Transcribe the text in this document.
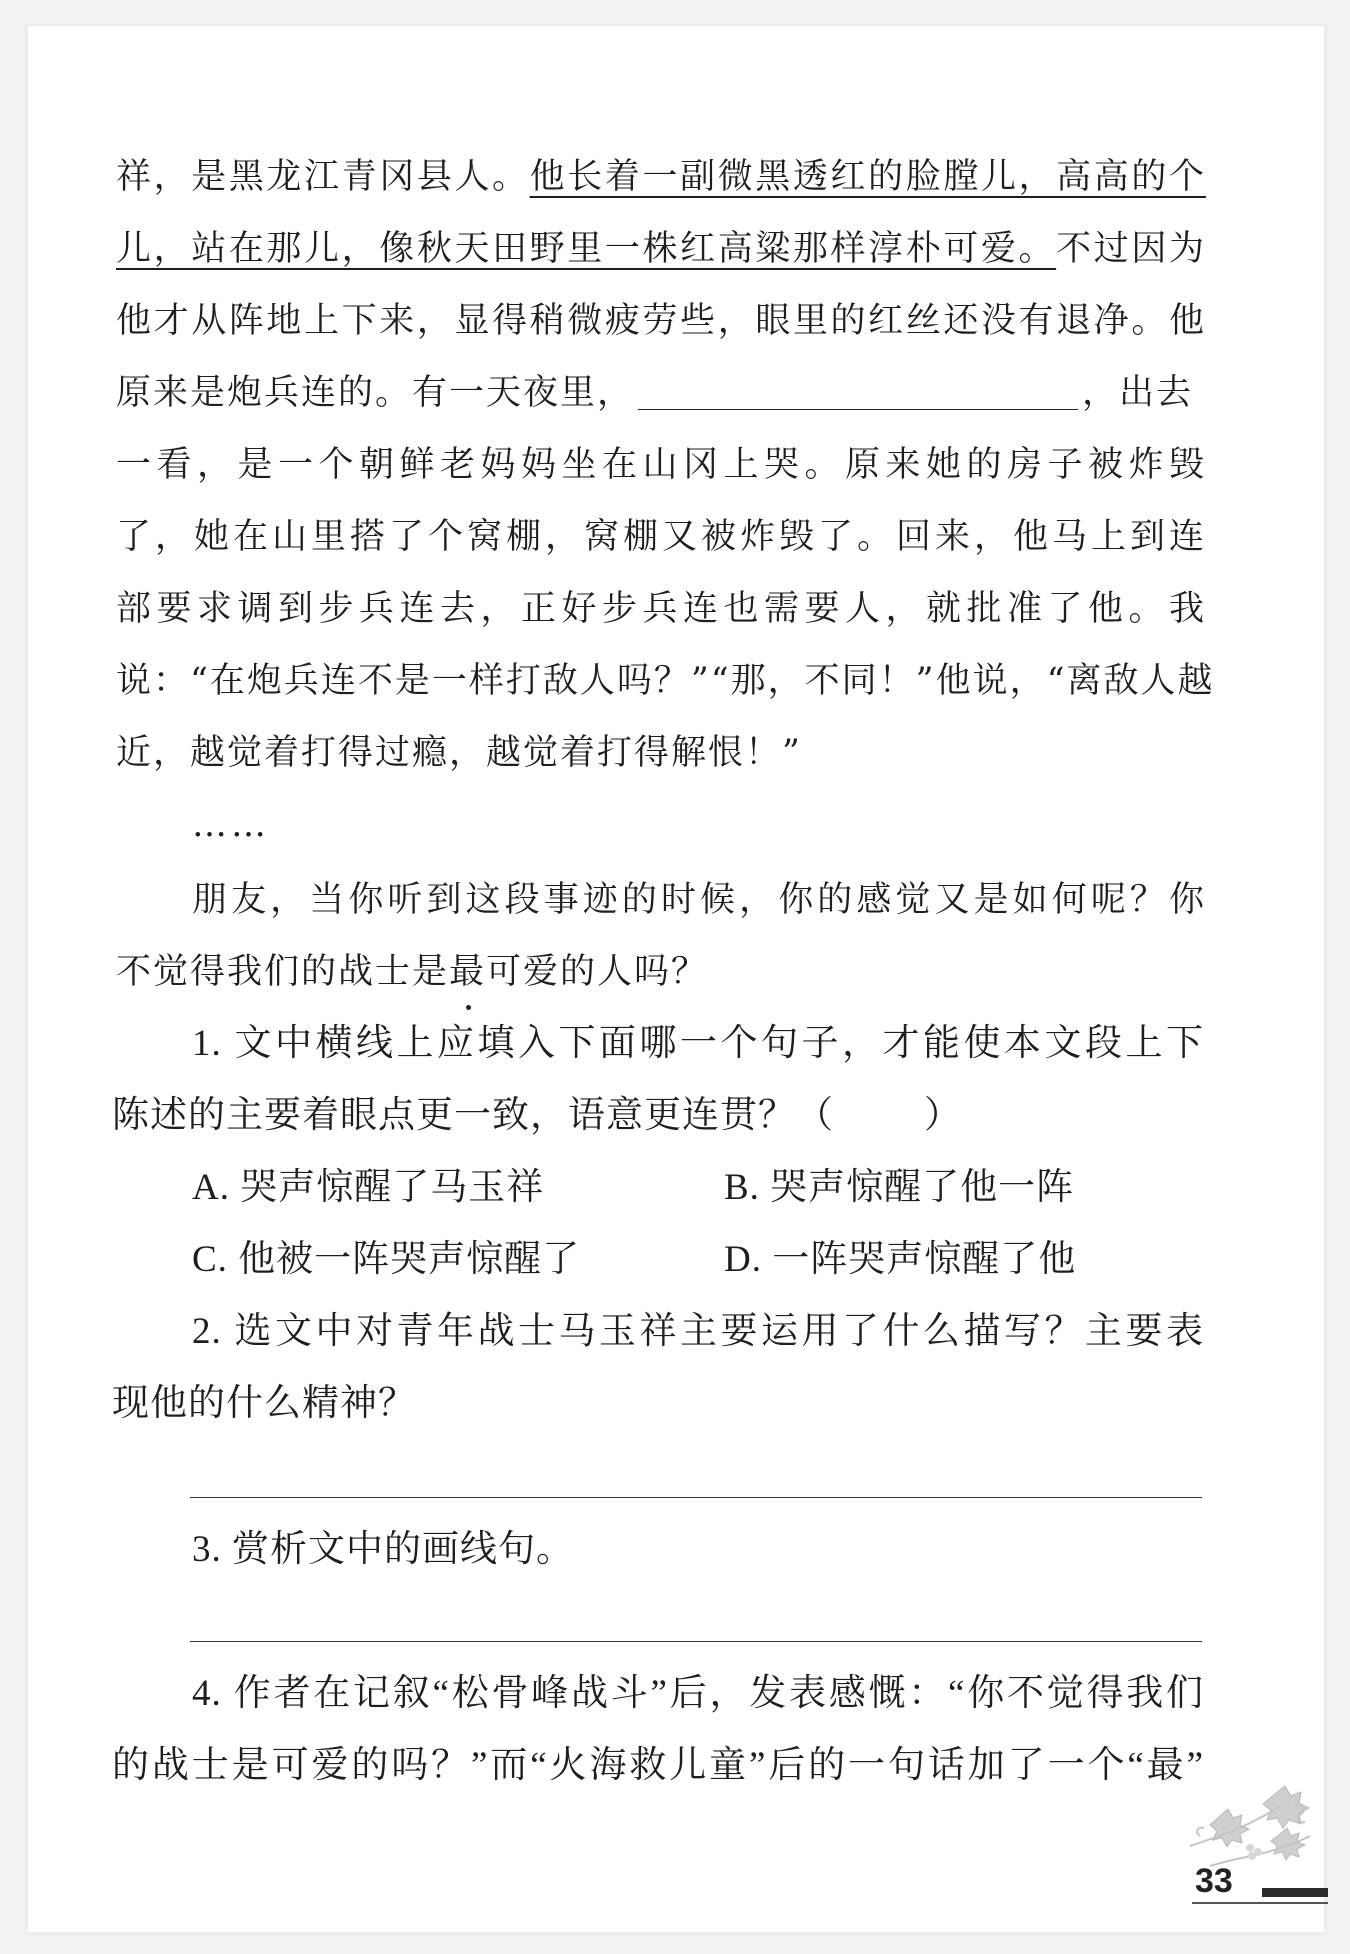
祥，是黑龙江青冈县人。他长着一副微黑透红的脸膛儿，高高的个
儿，站在那儿，像秋天田野里一株红高粱那样淳朴可爱。不过因为
他才从阵地上下来，显得稍微疲劳些，眼里的红丝还没有退净。他
原来是炮兵连的。有一天夜里，	，出去
一看，是一个朝鲜老妈妈坐在山冈上哭。原来她的房子被炸毁
了，她在山里搭了个窝棚，窝棚又被炸毁了。回来，他马上到连
部要求调到步兵连去，正好步兵连也需要人，就批准了他。我
说：“在炮兵连不是一样打敌人吗？”“那，不同！”他说，“离敌人越
近，越觉着打得过瘾，越觉着打得解恨！”
……
朋友，当你听到这段事迹的时候，你的感觉又是如何呢？你
不觉得我们的战士是最可爱的人吗？
1. 文中横线上应填入下面哪一个句子，才能使本文段上下
陈述的主要着眼点更一致，语意更连贯？（ ）
A. 哭声惊醒了马玉祥	B. 哭声惊醒了他一阵
C. 他被一阵哭声惊醒了	D. 一阵哭声惊醒了他
2. 选文中对青年战士马玉祥主要运用了什么描写？主要表
现他的什么精神？
3. 赏析文中的画线句。
4. 作者在记叙“松骨峰战斗”后，发表感慨：“你不觉得我们
的战士是可爱的吗？”而“火海救儿童”后的一句话加了一个“最”
33
